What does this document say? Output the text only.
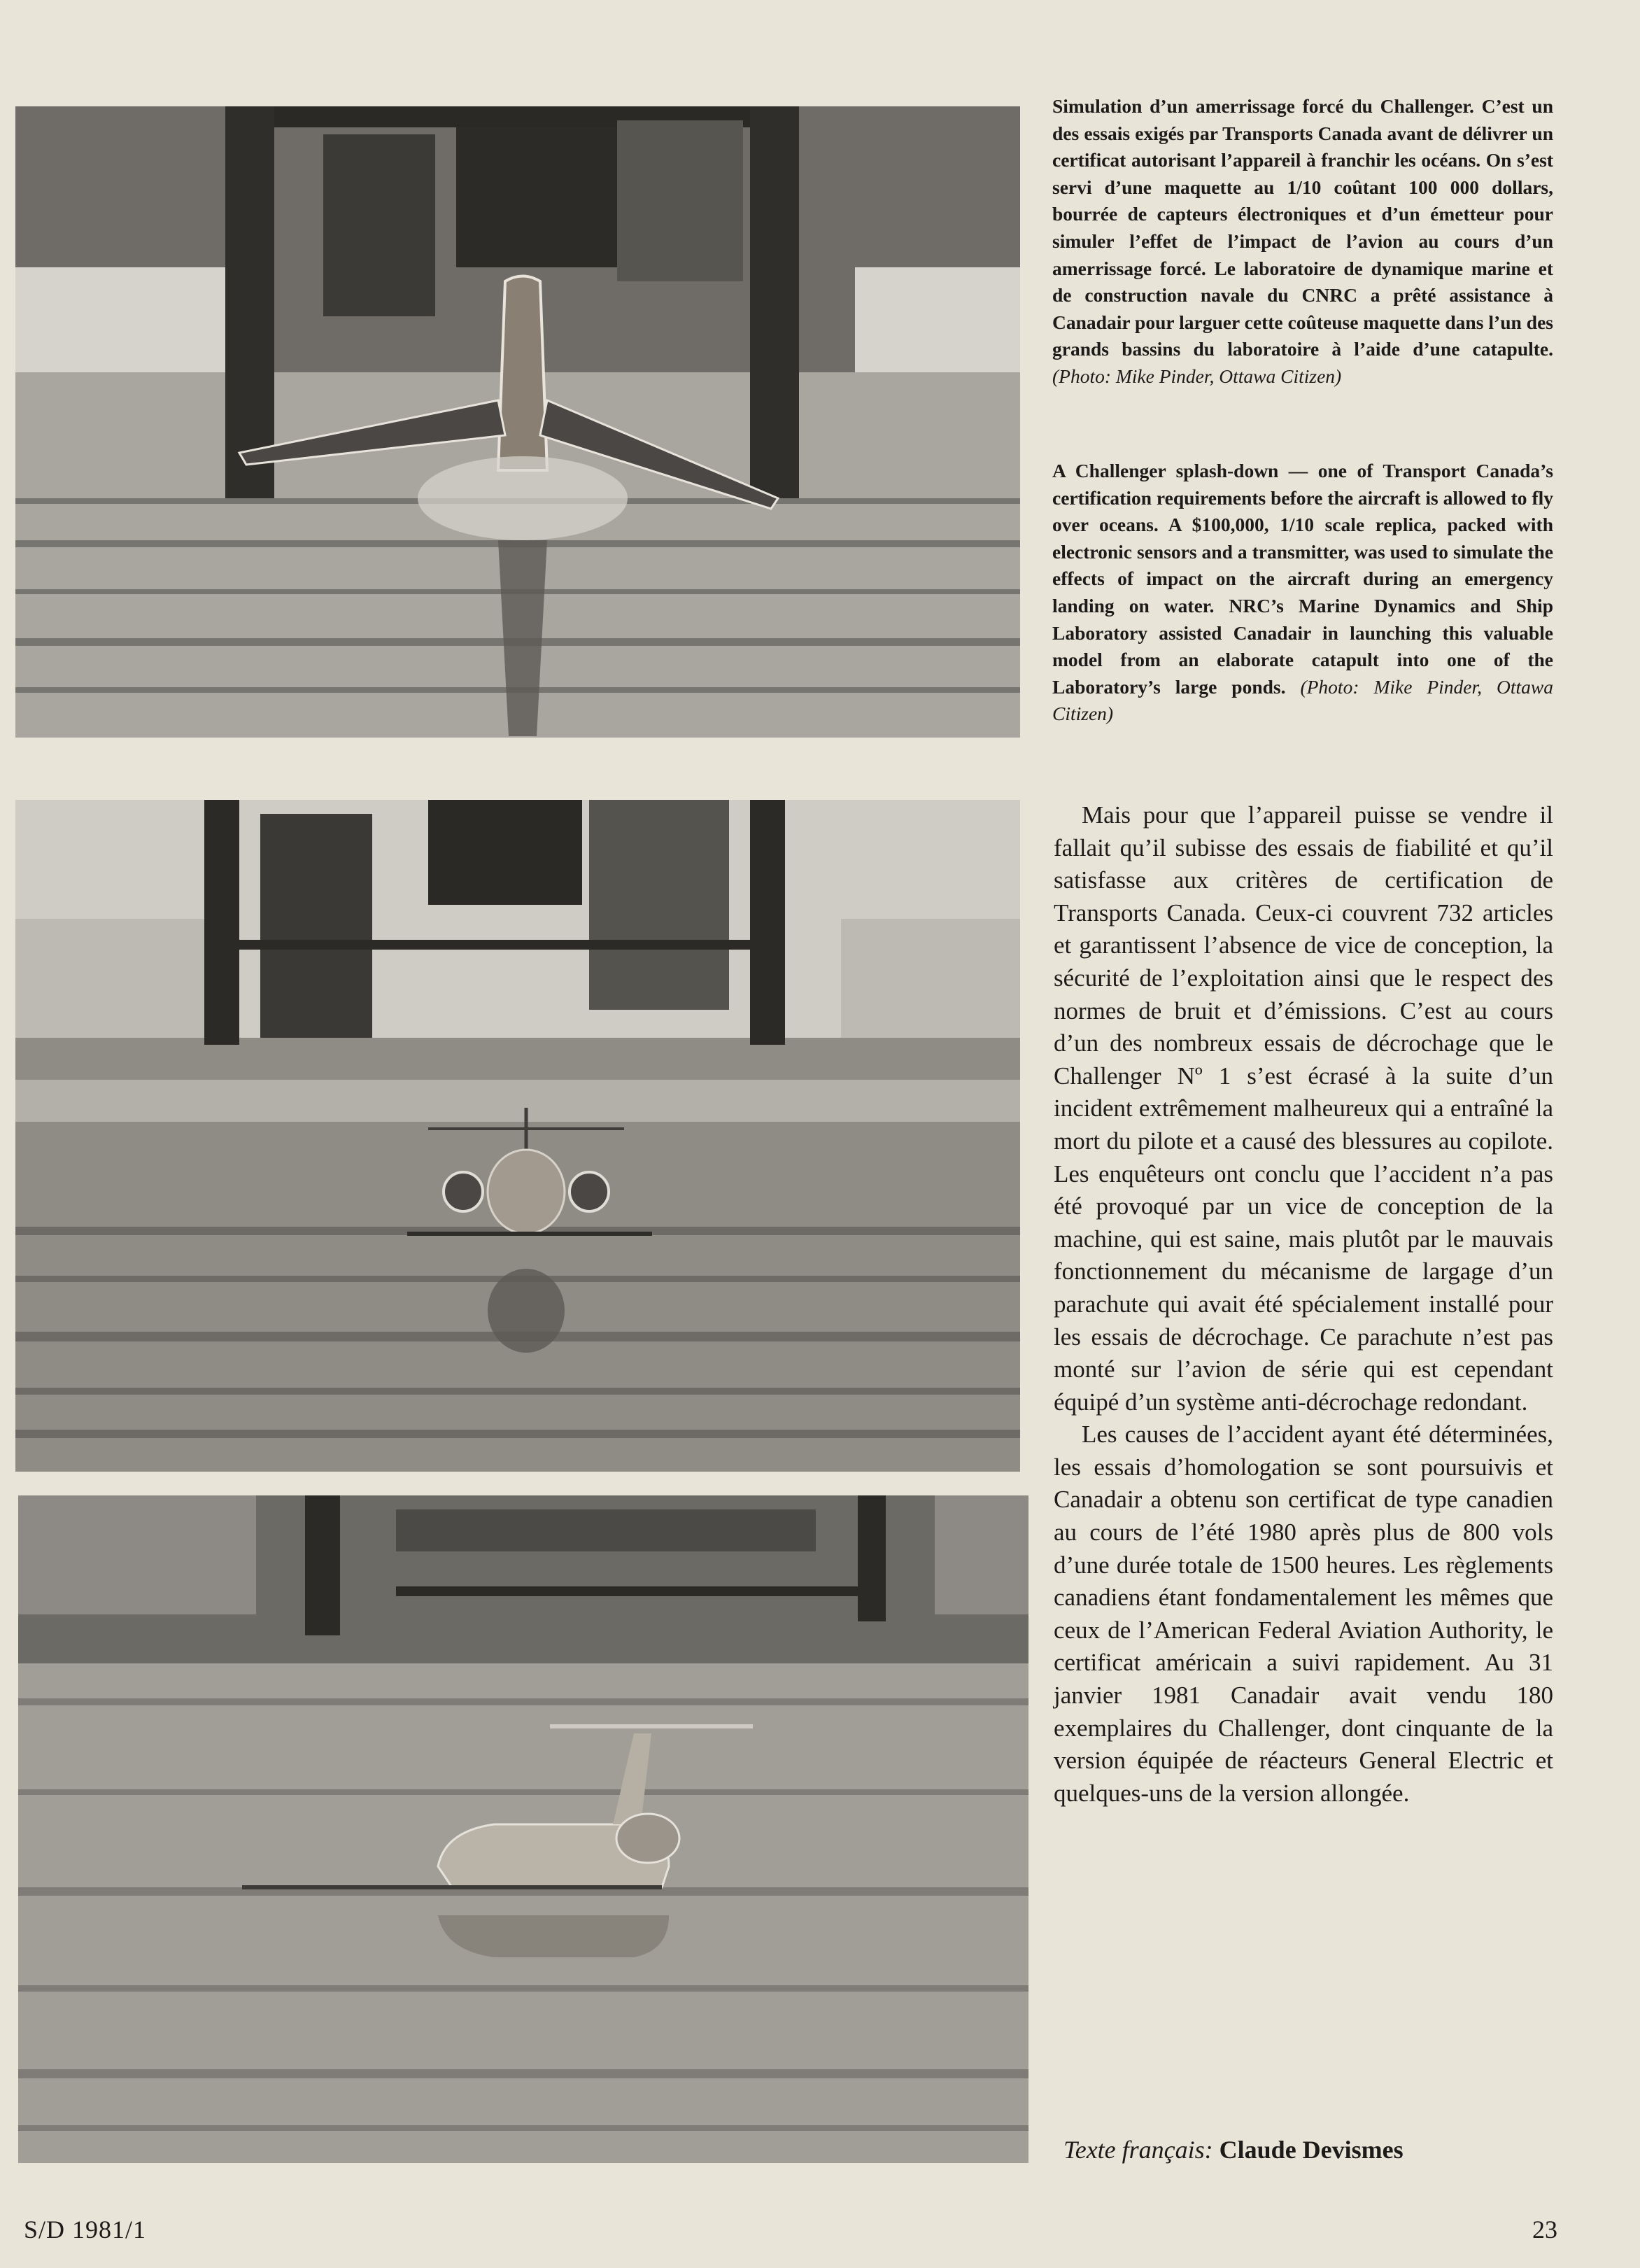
Simulation d’un amerrissage forcé du Challenger. C’est un des essais exigés par Transports Canada avant de délivrer un certificat autorisant l’appareil à franchir les océans. On s’est servi d’une maquette au 1/10 coûtant 100 000 dollars, bourrée de capteurs électroniques et d’un émetteur pour simuler l’effet de l’impact de l’avion au cours d’un amerrissage forcé. Le laboratoire de dynamique marine et de construction navale du CNRC a prêté assistance à Canadair pour larguer cette coûteuse maquette dans l’un des grands bassins du laboratoire à l’aide d’une catapulte. (Photo: Mike Pinder, Ottawa Citizen)

A Challenger splash-down — one of Transport Canada’s certification requirements before the aircraft is allowed to fly over oceans. A $100,000, 1/10 scale replica, packed with electronic sensors and a transmitter, was used to simulate the effects of impact on the aircraft during an emergency landing on water. NRC’s Marine Dynamics and Ship Laboratory assisted Canadair in launching this valuable model from an elaborate catapult into one of the Laboratory’s large ponds. (Photo: Mike Pinder, Ottawa Citizen)

Mais pour que l’appareil puisse se vendre il fallait qu’il subisse des essais de fiabilité et qu’il satisfasse aux critères de certification de Transports Canada. Ceux-ci couvrent 732 articles et garantissent l’absence de vice de conception, la sécurité de l’exploitation ainsi que le respect des normes de bruit et d’émissions. C’est au cours d’un des nombreux essais de décrochage que le Challenger Nº 1 s’est écrasé à la suite d’un incident extrêmement malheureux qui a entraîné la mort du pilote et a causé des blessures au copilote. Les enquêteurs ont conclu que l’accident n’a pas été provoqué par un vice de conception de la machine, qui est saine, mais plutôt par le mauvais fonctionnement du mécanisme de largage d’un parachute qui avait été spécialement installé pour les essais de décrochage. Ce parachute n’est pas monté sur l’avion de série qui est cependant équipé d’un système anti-décrochage redondant.

Les causes de l’accident ayant été déterminées, les essais d’homologation se sont poursuivis et Canadair a obtenu son certificat de type canadien au cours de l’été 1980 après plus de 800 vols d’une durée totale de 1500 heures. Les règlements canadiens étant fondamentalement les mêmes que ceux de l’American Federal Aviation Authority, le certificat américain a suivi rapidement. Au 31 janvier 1981 Canadair avait vendu 180 exemplaires du Challenger, dont cinquante de la version équipée de réacteurs General Electric et quelques-uns de la version allongée.

Texte français: Claude Devismes
S/D 1981/1	23
